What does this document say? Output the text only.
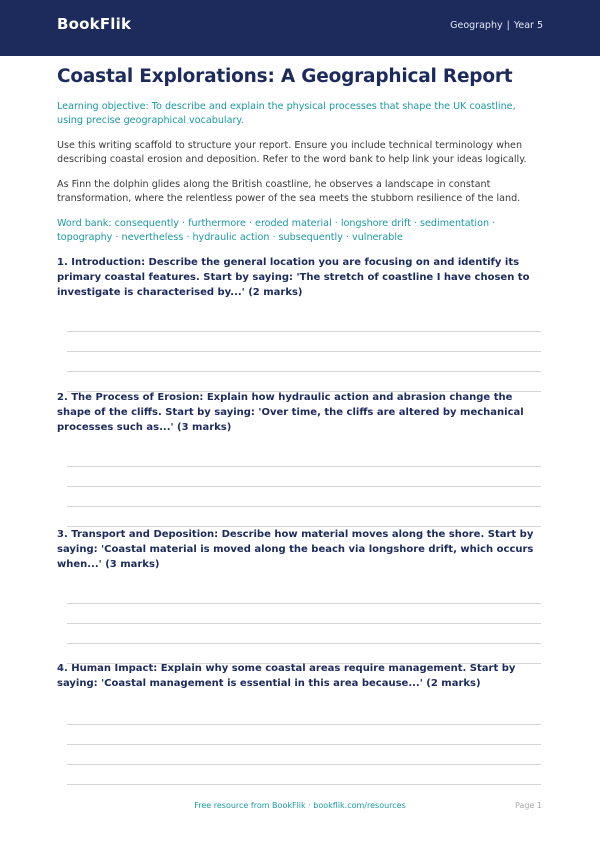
BookFlik	Geography | Year 5
Coastal Explorations: A Geographical Report

Learning objective: To describe and explain the physical processes that shape the UK coastline, using precise geographical vocabulary.

Use this writing scaffold to structure your report. Ensure you include technical terminology when describing coastal erosion and deposition. Refer to the word bank to help link your ideas logically.

As Finn the dolphin glides along the British coastline, he observes a landscape in constant transformation, where the relentless power of the sea meets the stubborn resilience of the land.

Word bank: consequently · furthermore · eroded material · longshore drift · sedimentation · topography · nevertheless · hydraulic action · subsequently · vulnerable

1. Introduction: Describe the general location you are focusing on and identify its primary coastal features. Start by saying: 'The stretch of coastline I have chosen to investigate is characterised by...' (2 marks)

2. The Process of Erosion: Explain how hydraulic action and abrasion change the shape of the cliffs. Start by saying: 'Over time, the cliffs are altered by mechanical processes such as...' (3 marks)

3. Transport and Deposition: Describe how material moves along the shore. Start by saying: 'Coastal material is moved along the beach via longshore drift, which occurs when...' (3 marks)

4. Human Impact: Explain why some coastal areas require management. Start by saying: 'Coastal management is essential in this area because...' (2 marks)

Free resource from BookFlik · bookflik.com/resources	Page 1
